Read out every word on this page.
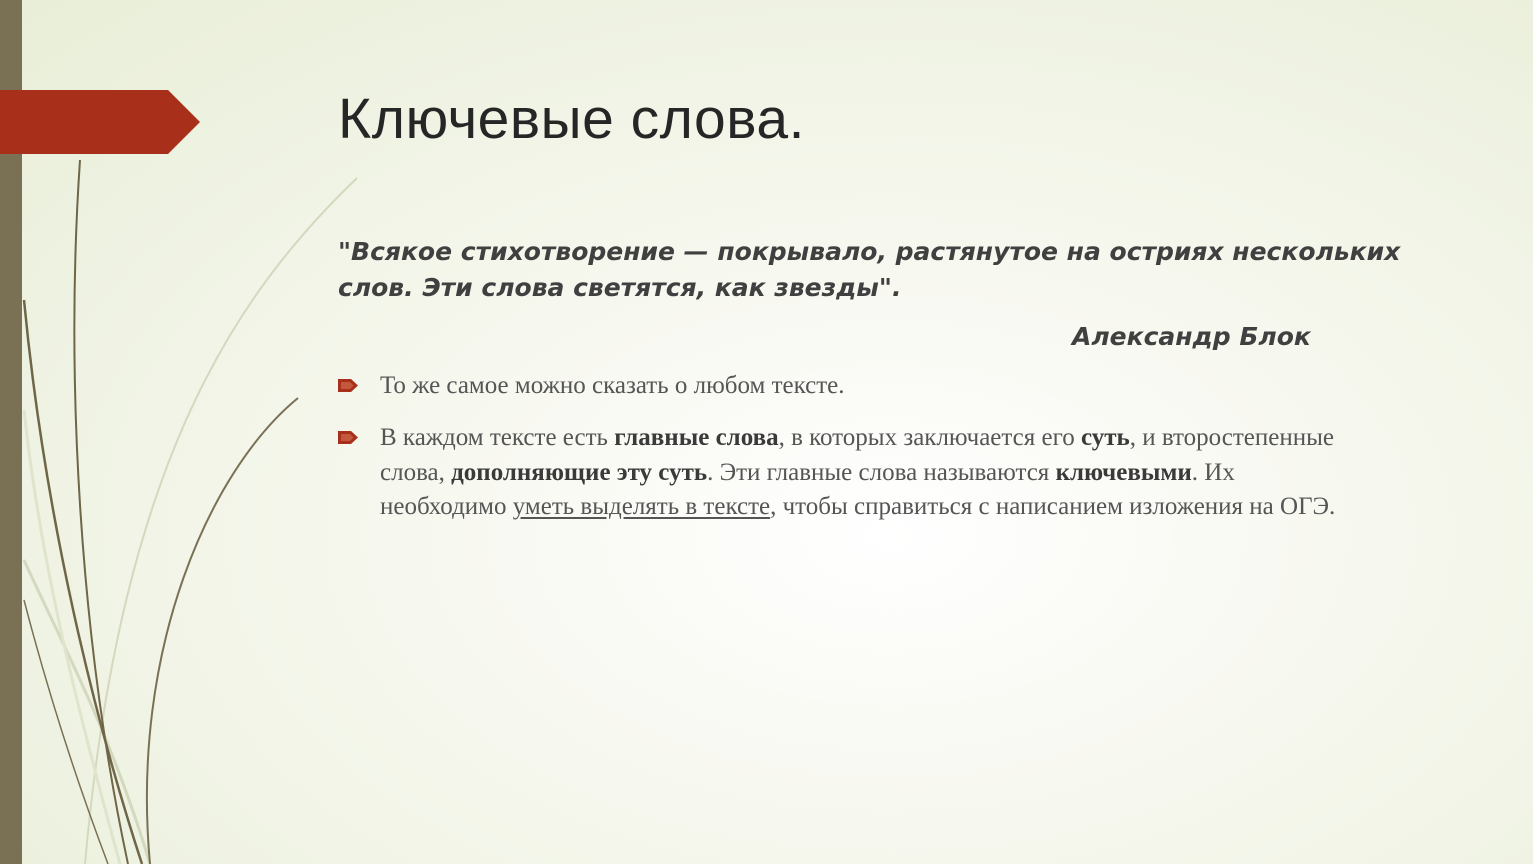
Ключевые слова.
"Всякое стихотворение — покрывало, растянутое на остриях нескольких слов. Эти слова светятся, как звезды".
Александр Блок
То же самое можно сказать о любом тексте.
В каждом тексте есть главные слова, в которых заключается его суть, и второстепенные слова, дополняющие эту суть. Эти главные слова называются ключевыми. Их необходимо уметь выделять в тексте, чтобы справиться с написанием изложения на ОГЭ.
